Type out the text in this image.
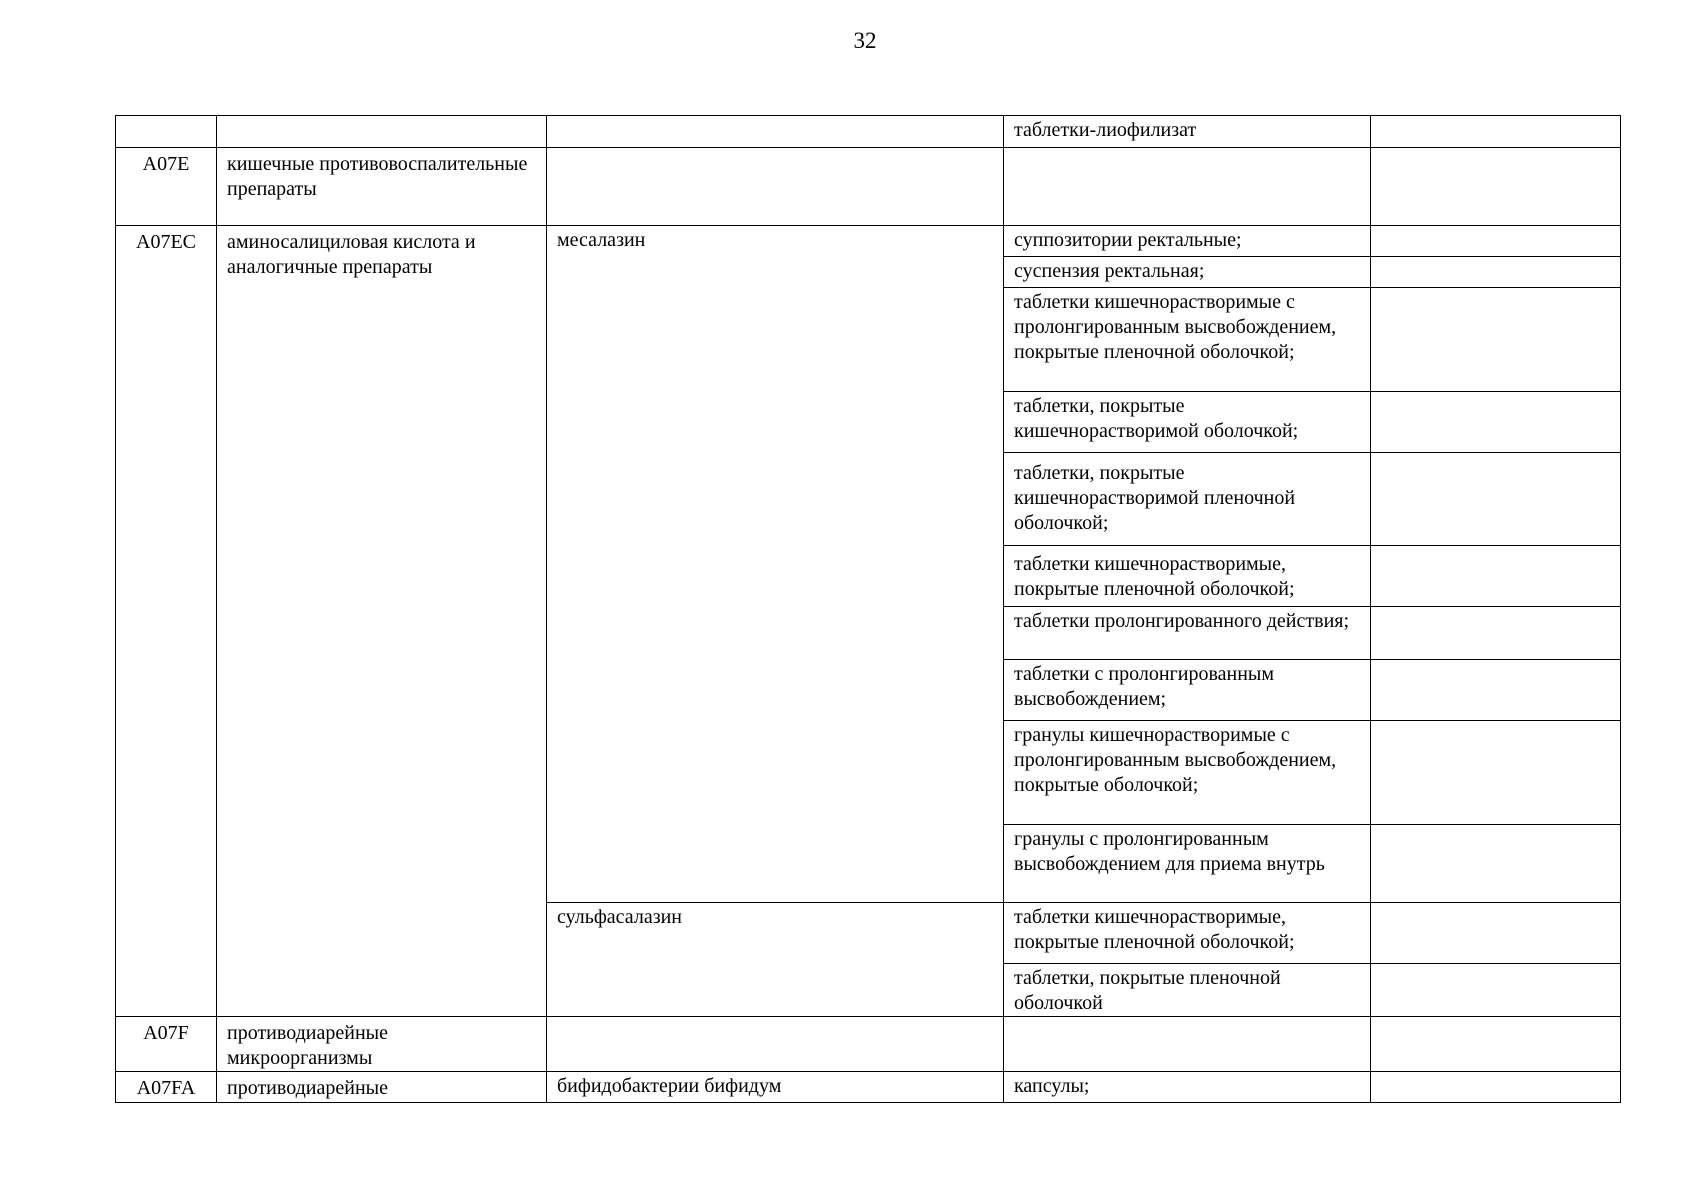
32
			таблетки-лиофилизат	
A07E	кишечные противовоспалительные препараты			
A07EC	аминосалициловая кислота и аналогичные препараты	месалазин	суппозитории ректальные;	
			суспензия ректальная;	
			таблетки кишечнорастворимые с пролонгированным высвобождением, покрытые пленочной оболочкой;	
			таблетки, покрытые кишечнорастворимой оболочкой;	
			таблетки, покрытые кишечнорастворимой пленочной оболочкой;	
			таблетки кишечнорастворимые, покрытые пленочной оболочкой;	
			таблетки пролонгированного действия;	
			таблетки с пролонгированным высвобождением;	
			гранулы кишечнорастворимые с пролонгированным высвобождением, покрытые оболочкой;	
			гранулы с пролонгированным высвобождением для приема внутрь	
		сульфасалазин	таблетки кишечнорастворимые, покрытые пленочной оболочкой;	
			таблетки, покрытые пленочной оболочкой	
A07F	противодиарейные микроорганизмы			
A07FA	противодиарейные	бифидобактерии бифидум	капсулы;	
